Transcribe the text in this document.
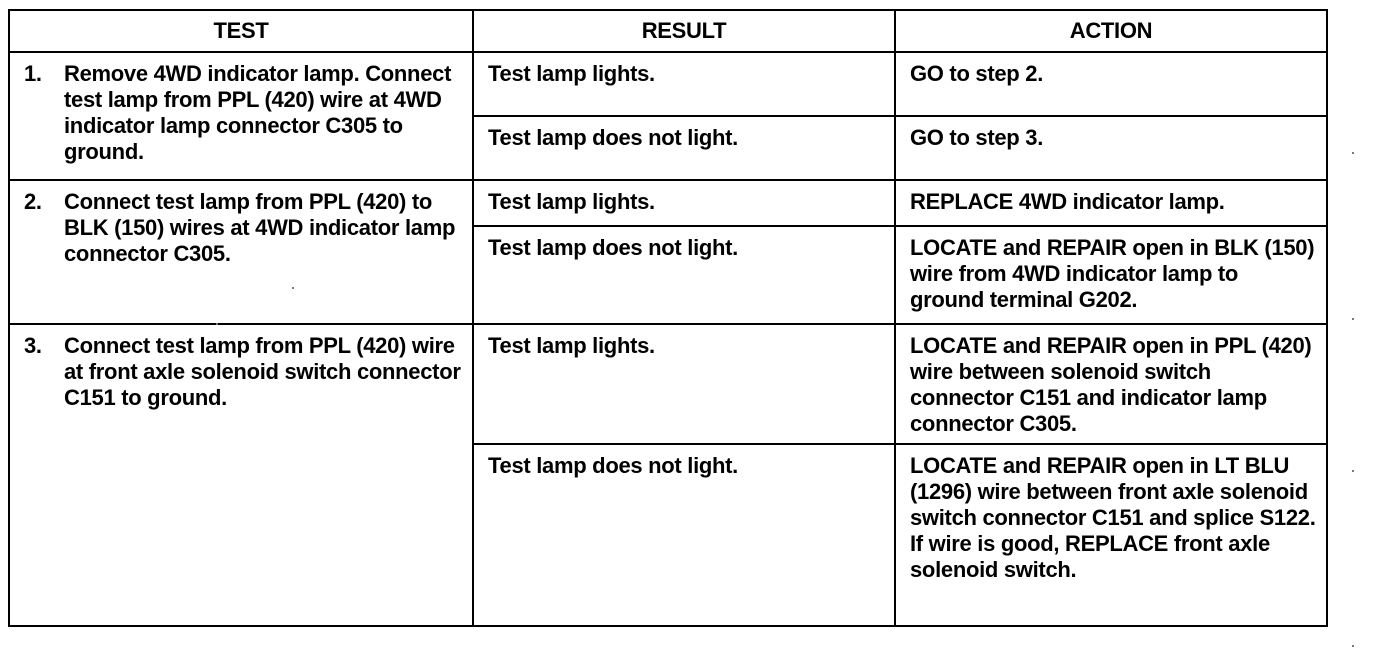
TEST	RESULT	ACTION

1. Remove 4WD indicator lamp. Connect test lamp from PPL (420) wire at 4WD indicator lamp connector C305 to ground.	Test lamp lights.	GO to step 2.
	Test lamp does not light.	GO to step 3.

2. Connect test lamp from PPL (420) to BLK (150) wires at 4WD indicator lamp connector C305.	Test lamp lights.	REPLACE 4WD indicator lamp.
	Test lamp does not light.	LOCATE and REPAIR open in BLK (150) wire from 4WD indicator lamp to ground terminal G202.

3. Connect test lamp from PPL (420) wire at front axle solenoid switch connector C151 to ground.	Test lamp lights.	LOCATE and REPAIR open in PPL (420) wire between solenoid switch connector C151 and indicator lamp connector C305.
	Test lamp does not light.	LOCATE and REPAIR open in LT BLU (1296) wire between front axle solenoid switch connector C151 and splice S122. If wire is good, REPLACE front axle solenoid switch.
